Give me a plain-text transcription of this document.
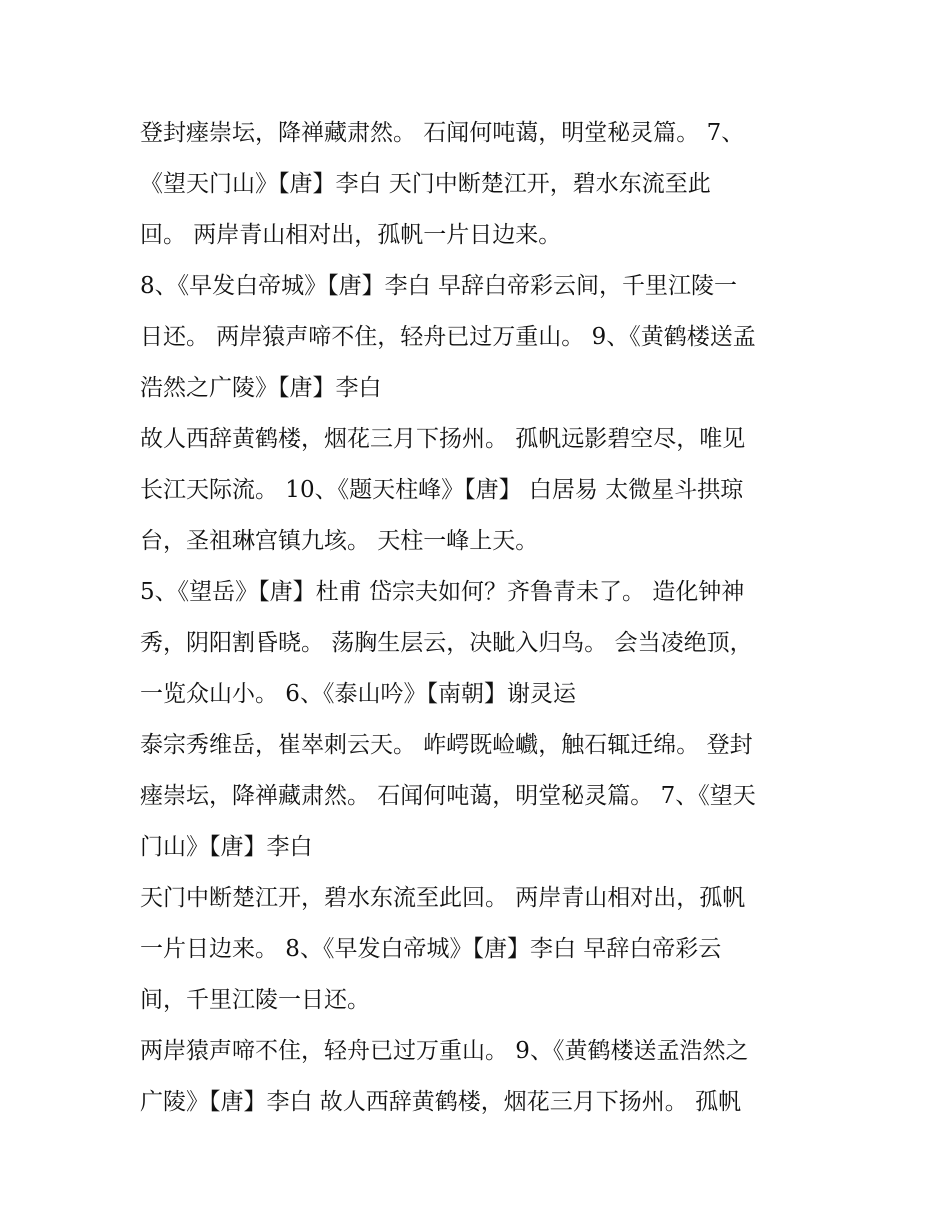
登封瘗崇坛，降禅藏肃然。 石闻何吨蔼，明堂秘灵篇。 7、
《望天门山》【唐】李白 天门中断楚江开，碧水东流至此
回。 两岸青山相对出，孤帆一片日边来。
8、《早发白帝城》【唐】李白 早辞白帝彩云间，千里江陵一
日还。 两岸猿声啼不住，轻舟已过万重山。 9、《黄鹤楼送孟
浩然之广陵》【唐】李白
故人西辞黄鹤楼，烟花三月下扬州。 孤帆远影碧空尽，唯见
长江天际流。 10、《题天柱峰》【唐】 白居易 太微星斗拱琼
台，圣祖琳宫镇九垓。 天柱一峰上天。
5、《望岳》【唐】杜甫 岱宗夫如何？齐鲁青未了。 造化钟神
秀，阴阳割昏晓。 荡胸生层云，决眦入归鸟。 会当凌绝顶，
一览众山小。 6、《泰山吟》【南朝】谢灵运
泰宗秀维岳，崔崒刺云天。 岞崿既崄巇，触石辄迁绵。 登封
瘗崇坛，降禅藏肃然。 石闻何吨蔼，明堂秘灵篇。 7、《望天
门山》【唐】李白
天门中断楚江开，碧水东流至此回。 两岸青山相对出，孤帆
一片日边来。 8、《早发白帝城》【唐】李白 早辞白帝彩云
间，千里江陵一日还。
两岸猿声啼不住，轻舟已过万重山。 9、《黄鹤楼送孟浩然之
广陵》【唐】李白 故人西辞黄鹤楼，烟花三月下扬州。 孤帆
